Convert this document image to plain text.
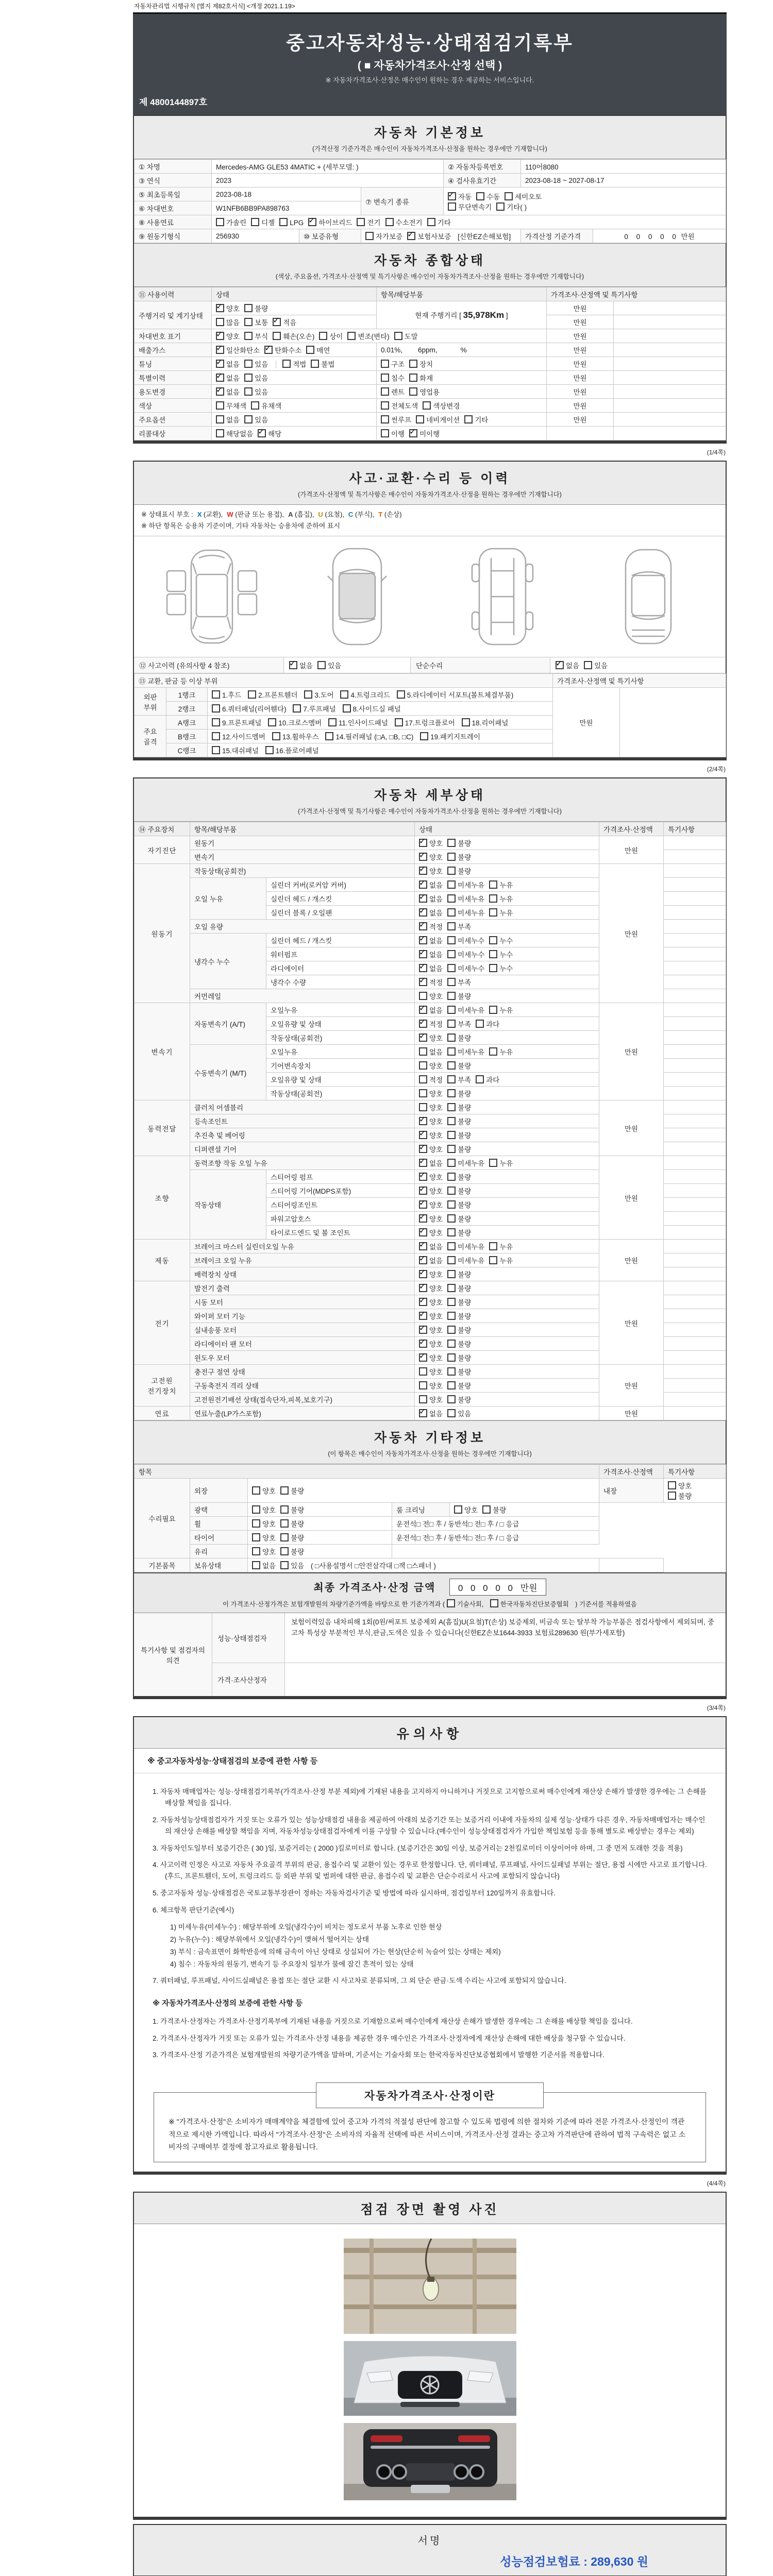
자동차관리법 시행규칙 [별지 제82호서식] <개정 2021.1.19>
중고자동차성능·상태점검기록부
( ■ 자동차가격조사·산정 선택 )
※ 자동차가격조사·산정은 매수인이 원하는 경우 제공하는 서비스입니다.
제 4800144897호
자동차 기본정보
(가격산정 기준가격은 매수인이 자동차가격조사·산정을 원하는 경우에만 기재합니다)
① 차명	Mercedes-AMG GLE53 4MATIC + (세부모델: )			② 자동차등록번호	110어8080	
③ 연식	2023			④ 검사유효기간	2023-08-18 ~ 2027-08-17	
⑤ 최초등록일	2023-08-18		⑦ 변속기 종류	
✓자동 수동 세미오토
무단변속기 기타( )

⑥ 차대번호	W1NFB6BB9PA898763					
⑧ 사용연료	가솔린 디젤 LPG ✓ 하이브리드 전기 수소전기 기타
⑨ 원동기형식	256930	⑩ 보증유형	자가보증 ✓ 보험사보증 [신한EZ손해보험]		가격산정 기준가격	0 0 0 0 0 만원
자동차 종합상태
(색상, 주요옵션, 가격조사·산정액 및 특기사항은 매수인이 자동차가격조사·산정을 원하는 경우에만 기재합니다)
⑪ 사용이력	상태	항목/해당부품	가격조사·산정액 및 특기사항	
주행거리 및 계기상태	✓양호 불량	현재 주행거리 [ 35,978Km ]	만원	
	많음 보통 ✓ 적음		만원	
차대번호 표기	✓양호 부식 훼손(오손) 상이 변조(변타) 도말		만원	
배출가스	✓일산화탄소 ✓ 탄화수소 매연	0.01%,        6ppm,            %	만원	
튜닝	✓없음 있음 적법 불법	구조 장치	만원	
특별이력	✓없음 있음	침수 화재	만원	
용도변경	✓없음 있음	렌트 영업용	만원	
색상	무채색 유채색	전체도색 색상변경	만원	
주요옵션	없음 있음	썬루프 네비게이션 기타	만원	
리콜대상	해당없음 ✓ 해당	이행 ✓ 미이행		
(1/4쪽)
사고·교환·수리 등 이력
(가격조사·산정액 및 특기사항은 매수인이 자동차가격조사·산정을 원하는 경우에만 기재합니다)
※ 상태표시 부호 : X (교환), W (판금 또는 용접), A (흠집), U (요철), C (부식), T (손상)
※ 하단 항목은 승용차 기준이며, 기타 자동차는 승용차에 준하여 표시
⑫ 사고이력 (유의사항 4 참조) ✓	없음	있음	단순수리 ✓	없음	있음
⑬ 교환, 판금 등 이상 부위			가격조사·산정액 및 특기사항	
외판
부위	1랭크	1.후드 2.프론트휀더 3.도어 4.트렁크리드 5.라디에이터 서포트(볼트체결부품)	만원	
	2랭크	6.쿼터패널(리어휀다) 7.루프패널 8.사이드실 패널		
주요
골격	A랭크	9.프론트패널 10.크로스멤버 11.인사이드패널 17.트렁크플로어 18.리어패널		
	B랭크	12.사이드멤버 13.휠하우스 14.필러패널 (□A, □B, □C) 19.패키지트레이		
	C랭크	15.대쉬패널 16.플로어패널		
(2/4쪽)
자동차 세부상태
(가격조사·산정액 및 특기사항은 매수인이 자동차가격조사·산정을 원하는 경우에만 기재합니다)
⑭ 주요장치	항목/해당부품		상태	가격조사·산정액	특기사항
자기진단	원동기	✓양호 불량	만원	
	변속기	✓양호 불량	
원동기	작동상태(공회전)	✓양호 불량	만원	
	오일 누유	실린더 커버(로커암 커버)	✓없음 미세누유 누유	
		실린더 헤드 / 개스킷	✓없음 미세누유 누유	
		실린더 블록 / 오일팬	✓없음 미세누유 누유	
	오일 유량	✓적정 부족	
	냉각수 누수	실린더 헤드 / 개스킷	✓없음 미세누수 누수	
		워터펌프	✓없음 미세누수 누수	
		라디에이터	✓없음 미세누수 누수	
		냉각수 수량	✓적정 부족	
	커먼레일		양호 불량		
변속기	자동변속기 (A/T)	오일누유	✓없음 미세누유 누유	만원	
		오일유량 및 상태	✓적정 부족 과다	
		작동상태(공회전)	✓양호 불량	
	수동변속기 (M/T)	오일누유	없음 미세누유 누유		
		기어변속장치	양호 불량		
		오일유량 및 상태	적정 부족 과다		
		작동상태(공회전)	양호 불량		
동력전달	클러치 어셈블리		양호 불량	만원	
	등속조인트	✓양호 불량	
	추진축 및 베어링	✓양호 불량	
	디퍼렌셜 기어	✓양호 불량	
조향	동력조향 작동 오일 누유	✓없음 미세누유 누유	만원	
	작동상태	스티어링 펌프	✓양호 불량	
		스티어링 기어(MDPS포함)	✓양호 불량	
		스티어링조인트	✓양호 불량	
		파워고압호스	✓양호 불량	
		타이로드엔드 및 볼 조인트	✓양호 불량	
제동	브레이크 마스터 실린더오일 누유	✓없음 미세누유 누유	만원	
	브레이크 오일 누유	✓없음 미세누유 누유	
	배력장치 상태	✓양호 불량	
전기	발전기 출력	✓양호 불량	만원	
	시동 모터	✓양호 불량	
	와이퍼 모터 기능	✓양호 불량	
	실내송풍 모터	✓양호 불량	
	라디에이터 팬 모터	✓양호 불량	
	윈도우 모터	✓양호 불량	
고전원 전기장치	충전구 절연 상태		양호 불량	만원	
	구동축전지 격리 상태		양호 불량		
	고전원전기배선 상태(접속단자,피복,보호기구)		양호 불량		
연료	연료누출(LP가스포함)	✓없음 있음	만원	
자동차 기타정보
(이 항목은 매수인이 자동차가격조사·산정을 원하는 경우에만 기재합니다)
항목					가격조사·산정액	특기사항	
수리필요	외장	양호 불량			내장	양호불량		
	광택	양호 불량	룸 크리닝	양호 불량			
	휠	양호 불량	운전석□ 전□ 후 / 동반석□ 전□ 후 / □ 응급				
	타이어	양호 불량	운전석□ 전□ 후 / 동반석□ 전□ 후 / □ 응급				
	유리	양호 불량					
기본품목	보유상태	없음 있음 ( □사용설명서 □안전삼각대 □잭 □스패너 )					
최종 가격조사·산정 금액	0 0 0 0 0 만원
이 가격조사·산정가격은 보험개발원의 차량기준가액을 바탕으로 한 기준가격과 ( 기술사회,	한국자동차진단보증협회 ) 기준서를 적용하였음
특기사항 및 점검자의 의견
성능·상태점검자
보험이력있음 내차피해 1회(0원/써포트 보증제외 A(흠집)U(요철)T(손상) 보증제외, 비금속 또는 탈부착 가능부품은 점검사항에서 제외되며, 중고차 특성상 부분적인 부식,판금,도색은 있을 수 있습니다(신한EZ손보1644-3933 보험료289630 원(부가세포함)
가격·조사산정자
(3/4쪽)
유의사항
※ 중고자동차성능·상태점검의 보증에 관한 사항 등
1. 자동차 매매업자는 성능·상태점검기록부(가격조사·산정 부분 제외)에 기재된 내용을 고지하지 아니하거나 거짓으로 고지함으로써 매수인에게 재산상 손해가 발생한 경우에는 그 손해를 배상할 책임을 집니다.
2. 자동차성능상태점검자가 거짓 또는 오류가 있는 성능상태점검 내용을 제공하여 아래의 보증기간 또는 보증거리 이내에 자동차의 실제 성능·상태가 다른 경우, 자동차매매업자는 매수인의 재산상 손해를 배상할 책임을 지며, 자동차성능상태점검자에게 이를 구상할 수 있습니다.(매수인이 성능상태점검자가 가입한 책임보험 등을 통해 별도로 배상받는 경우는 제외)
3. 자동차인도일부터 보증기간은 ( 30 )일, 보증거리는 ( 2000 )킬로미터로 합니다. (보증기간은 30일 이상, 보증거리는 2천킬로미터 이상이어야 하며, 그 중 먼저 도래한 것을 적용)
4. 사고이력 인정은 사고로 자동차 주요골격 부위의 판금, 용접수리 및 교환이 있는 경우로 한정합니다. 단, 쿼터패널, 루프패널, 사이드실패널 부위는 절단, 용접 시에만 사고로 표기합니다. (후드, 프론트휀더, 도어, 트렁크리드 등 외판 부위 및 범퍼에 대한 판금, 용접수리 및 교환은 단순수리로서 사고에 포함되지 않습니다)
5. 중고자동차 성능·상태점검은 국토교통부장관이 정하는 자동차검사기준 및 방법에 따라 실시하며, 점검일부터 120일까지 유효합니다.
6. 체크항목 판단기준(예시)
1) 미세누유(미세누수) : 해당부위에 오일(냉각수)이 비치는 정도로서 부품 노후로 인한 현상
2) 누유(누수) : 해당부위에서 오일(냉각수)이 맺혀서 떨어지는 상태
3) 부식 : 금속표면이 화학반응에 의해 금속이 아닌 상태로 상실되어 가는 현상(단순히 녹슬어 있는 상태는 제외)
4) 침수 : 자동차의 원동기, 변속기 등 주요장치 일부가 물에 잠긴 흔적이 있는 상태
7. 쿼터패널, 루프패널, 사이드실패널은 용접 또는 절단 교환 시 사고차로 분류되며, 그 외 단순 판금·도색 수리는 사고에 포함되지 않습니다.
※ 자동차가격조사·산정의 보증에 관한 사항 등
1. 가격조사·산정자는 가격조사·산정기록부에 기재된 내용을 거짓으로 기재함으로써 매수인에게 재산상 손해가 발생한 경우에는 그 손해를 배상할 책임을 집니다.
2. 가격조사·산정자가 거짓 또는 오류가 있는 가격조사·산정 내용을 제공한 경우 매수인은 가격조사·산정자에게 재산상 손해에 대한 배상을 청구할 수 있습니다.
3. 가격조사·산정 기준가격은 보험개발원의 차량기준가액을 말하며, 기준서는 기술사회 또는 한국자동차진단보증협회에서 발행한 기준서를 적용합니다.
자동차가격조사·산정이란
※ "가격조사·산정"은 소비자가 매매계약을 체결함에 있어 중고차 가격의 적절성 판단에 참고할 수 있도록 법령에 의한 절차와 기준에 따라 전문 가격조사·산정인이 객관적으로 제시한 가액입니다. 따라서 "가격조사·산정"은 소비자의 자율적 선택에 따른 서비스이며, 가격조사·산정 결과는 중고차 가격판단에 관하여 법적 구속력은 없고 소비자의 구매여부 결정에 참고자료로 활용됩니다.
(4/4쪽)
점검 장면 촬영 사진
서명
성능점검보험료 : 289,630 원
